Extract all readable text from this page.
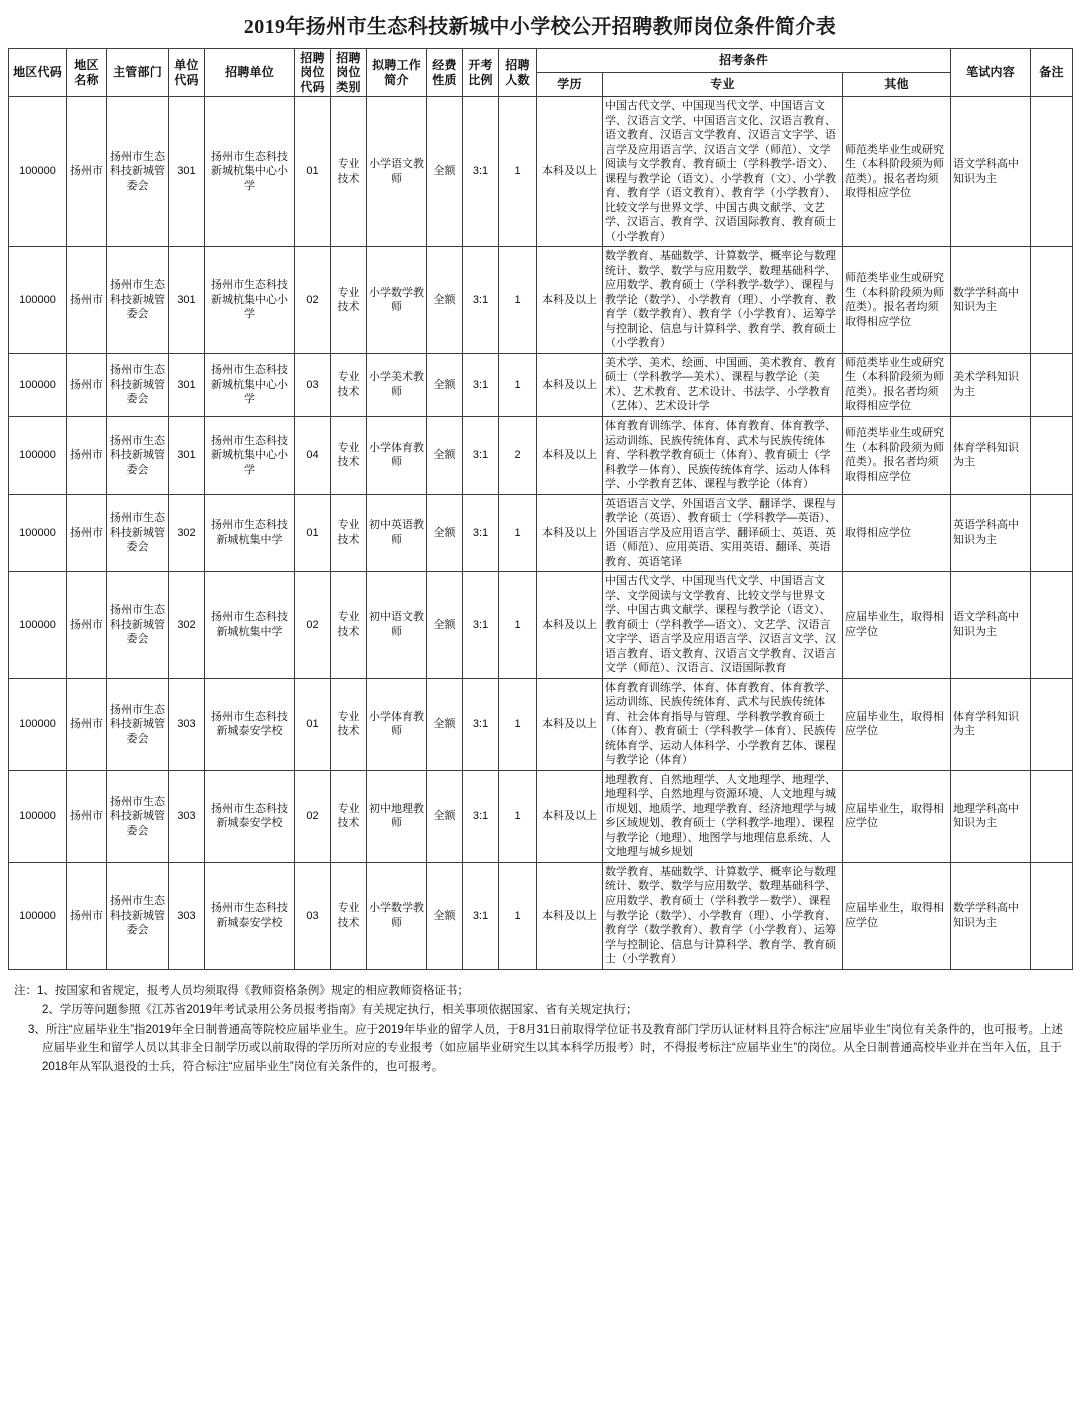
2019年扬州市生态科技新城中小学校公开招聘教师岗位条件简介表
地区代码	地区名称	主管部门	单位代码	招聘单位	招聘岗位代码	招聘岗位类别	拟聘工作简介	经费性质	开考比例	招聘人数	招考条件			笔试内容	备注
											学历	专业	其他		
100000	扬州市	扬州市生态科技新城管委会	301	扬州市生态科技新城杭集中心小学	01	专业技术	小学语文教师	全额	3:1	1	本科及以上	中国古代文学、中国现当代文学、中国语言文学、汉语言文学、中国语言文化、汉语言教育、语文教育、汉语言文学教育、汉语言文字学、语言学及应用语言学、汉语言文学（师范）、文学阅读与文学教育、教育硕士（学科教学-语文）、课程与教学论（语文）、小学教育（文）、小学教育、教育学（语文教育）、教育学（小学教育）、比较文学与世界文学、中国古典文献学、文艺学、汉语言、教育学、汉语国际教育、教育硕士（小学教育）	师范类毕业生或研究生（本科阶段须为师范类）。报名者均须取得相应学位	语文学科高中知识为主	
100000	扬州市	扬州市生态科技新城管委会	301	扬州市生态科技新城杭集中心小学	02	专业技术	小学数学教师	全额	3:1	1	本科及以上	数学教育、基础数学、计算数学、概率论与数理统计、数学、数学与应用数学、数理基础科学、应用数学、教育硕士（学科教学-数学）、课程与教学论（数学）、小学教育（理）、小学教育、教育学（数学教育）、教育学（小学教育）、运筹学与控制论、信息与计算科学、教育学、教育硕士（小学教育）	师范类毕业生或研究生（本科阶段须为师范类）。报名者均须取得相应学位	数学学科高中知识为主	
100000	扬州市	扬州市生态科技新城管委会	301	扬州市生态科技新城杭集中心小学	03	专业技术	小学美术教师	全额	3:1	1	本科及以上	美术学、美术、绘画、中国画、美术教育、教育硕士（学科教学—美术）、课程与教学论（美术）、艺术教育、艺术设计、书法学、小学教育（艺体）、艺术设计学	师范类毕业生或研究生（本科阶段须为师范类）。报名者均须取得相应学位	美术学科知识为主	
100000	扬州市	扬州市生态科技新城管委会	301	扬州市生态科技新城杭集中心小学	04	专业技术	小学体育教师	全额	3:1	2	本科及以上	体育教育训练学、体育、体育教育、体育教学、运动训练、民族传统体育、武术与民族传统体育、学科教学教育硕士（体育）、教育硕士（学科教学－体育）、民族传统体育学、运动人体科学、小学教育艺体、课程与教学论（体育）	师范类毕业生或研究生（本科阶段须为师范类）。报名者均须取得相应学位	体育学科知识为主	
100000	扬州市	扬州市生态科技新城管委会	302	扬州市生态科技新城杭集中学	01	专业技术	初中英语教师	全额	3:1	1	本科及以上	英语语言文学、外国语言文学、翻译学、课程与教学论（英语）、教育硕士（学科教学—英语）、外国语言学及应用语言学、翻译硕士、英语、英语（师范）、应用英语、实用英语、翻译、英语教育、英语笔译	取得相应学位	英语学科高中知识为主	
100000	扬州市	扬州市生态科技新城管委会	302	扬州市生态科技新城杭集中学	02	专业技术	初中语文教师	全额	3:1	1	本科及以上	中国古代文学、中国现当代文学、中国语言文学、文学阅读与文学教育、比较文学与世界文学、中国古典文献学、课程与教学论（语文）、教育硕士（学科教学—语文）、文艺学、汉语言文字学、语言学及应用语言学、汉语言文学、汉语言教育、语文教育、汉语言文学教育、汉语言文学（师范）、汉语言、汉语国际教育	应届毕业生，取得相应学位	语文学科高中知识为主	
100000	扬州市	扬州市生态科技新城管委会	303	扬州市生态科技新城泰安学校	01	专业技术	小学体育教师	全额	3:1	1	本科及以上	体育教育训练学、体育、体育教育、体育教学、运动训练、民族传统体育、武术与民族传统体育、社会体育指导与管理、学科教学教育硕士（体育）、教育硕士（学科教学－体育）、民族传统体育学、运动人体科学、小学教育艺体、课程与教学论（体育）	应届毕业生，取得相应学位	体育学科知识为主	
100000	扬州市	扬州市生态科技新城管委会	303	扬州市生态科技新城泰安学校	02	专业技术	初中地理教师	全额	3:1	1	本科及以上	地理教育、自然地理学、人文地理学、地理学、地理科学、自然地理与资源环境、人文地理与城市规划、地质学、地理学教育、经济地理学与城乡区域规划、教育硕士（学科教学-地理）、课程与教学论（地理）、地图学与地理信息系统、人文地理与城乡规划	应届毕业生，取得相应学位	地理学科高中知识为主	
100000	扬州市	扬州市生态科技新城管委会	303	扬州市生态科技新城泰安学校	03	专业技术	小学数学教师	全额	3:1	1	本科及以上	数学教育、基础数学、计算数学、概率论与数理统计、数学、数学与应用数学、数理基础科学、应用数学、教育硕士（学科教学－数学）、课程与教学论（数学）、小学教育（理）、小学教育、教育学（数学教育）、教育学（小学教育）、运筹学与控制论、信息与计算科学、教育学、教育硕士（小学教育）	应届毕业生，取得相应学位	数学学科高中知识为主	

注：1、按国家和省规定，报考人员均须取得《教师资格条例》规定的相应教师资格证书；

2、学历等问题参照《江苏省2019年考试录用公务员报考指南》有关规定执行，相关事项依据国家、省有关规定执行；

3、所注“应届毕业生”指2019年全日制普通高等院校应届毕业生。应于2019年毕业的留学人员，于8月31日前取得学位证书及教育部门学历认证材料且符合标注“应届毕业生”岗位有关条件的，也可报考。上述应届毕业生和留学人员以其非全日制学历或以前取得的学历所对应的专业报考（如应届毕业研究生以其本科学历报考）时，不得报考标注“应届毕业生”的岗位。从全日制普通高校毕业并在当年入伍，且于2018年从军队退役的士兵，符合标注“应届毕业生”岗位有关条件的，也可报考。
